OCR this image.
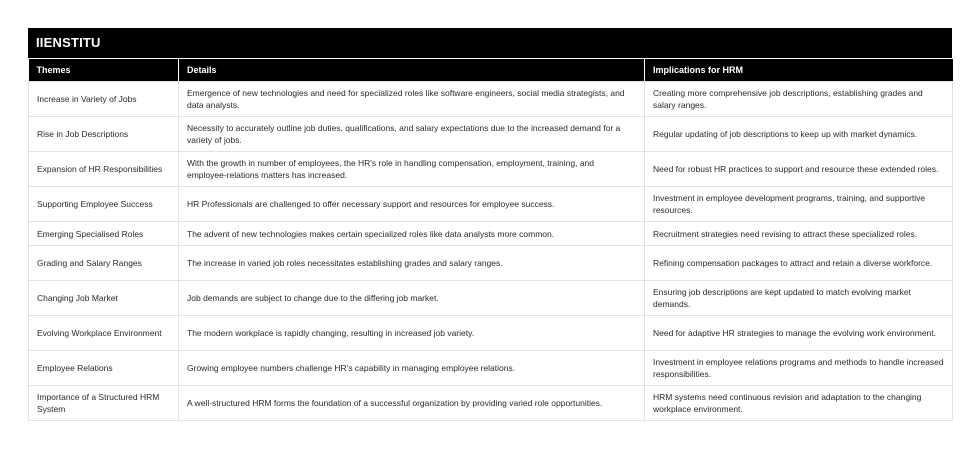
IIENSTITU
Themes	Details	Implications for HRM
Increase in Variety of Jobs	Emergence of new technologies and need for specialized roles like software engineers, social media strategists, and data analysts.	Creating more comprehensive job descriptions, establishing grades and salary ranges.
Rise in Job Descriptions	Necessity to accurately outline job duties, qualifications, and salary expectations due to the increased demand for a variety of jobs.	Regular updating of job descriptions to keep up with market dynamics.
Expansion of HR Responsibilities	With the growth in number of employees, the HR's role in handling compensation, employment, training, and employee-relations matters has increased.	Need for robust HR practices to support and resource these extended roles.
Supporting Employee Success	HR Professionals are challenged to offer necessary support and resources for employee success.	Investment in employee development programs, training, and supportive resources.
Emerging Specialised Roles	The advent of new technologies makes certain specialized roles like data analysts more common.	Recruitment strategies need revising to attract these specialized roles.
Grading and Salary Ranges	The increase in varied job roles necessitates establishing grades and salary ranges.	Refining compensation packages to attract and retain a diverse workforce.
Changing Job Market	Job demands are subject to change due to the differing job market.	Ensuring job descriptions are kept updated to match evolving market demands.
Evolving Workplace Environment	The modern workplace is rapidly changing, resulting in increased job variety.	Need for adaptive HR strategies to manage the evolving work environment.
Employee Relations	Growing employee numbers challenge HR's capability in managing employee relations.	Investment in employee relations programs and methods to handle increased responsibilities.
Importance of a Structured HRM System	A well-structured HRM forms the foundation of a successful organization by providing varied role opportunities.	HRM systems need continuous revision and adaptation to the changing workplace environment.
